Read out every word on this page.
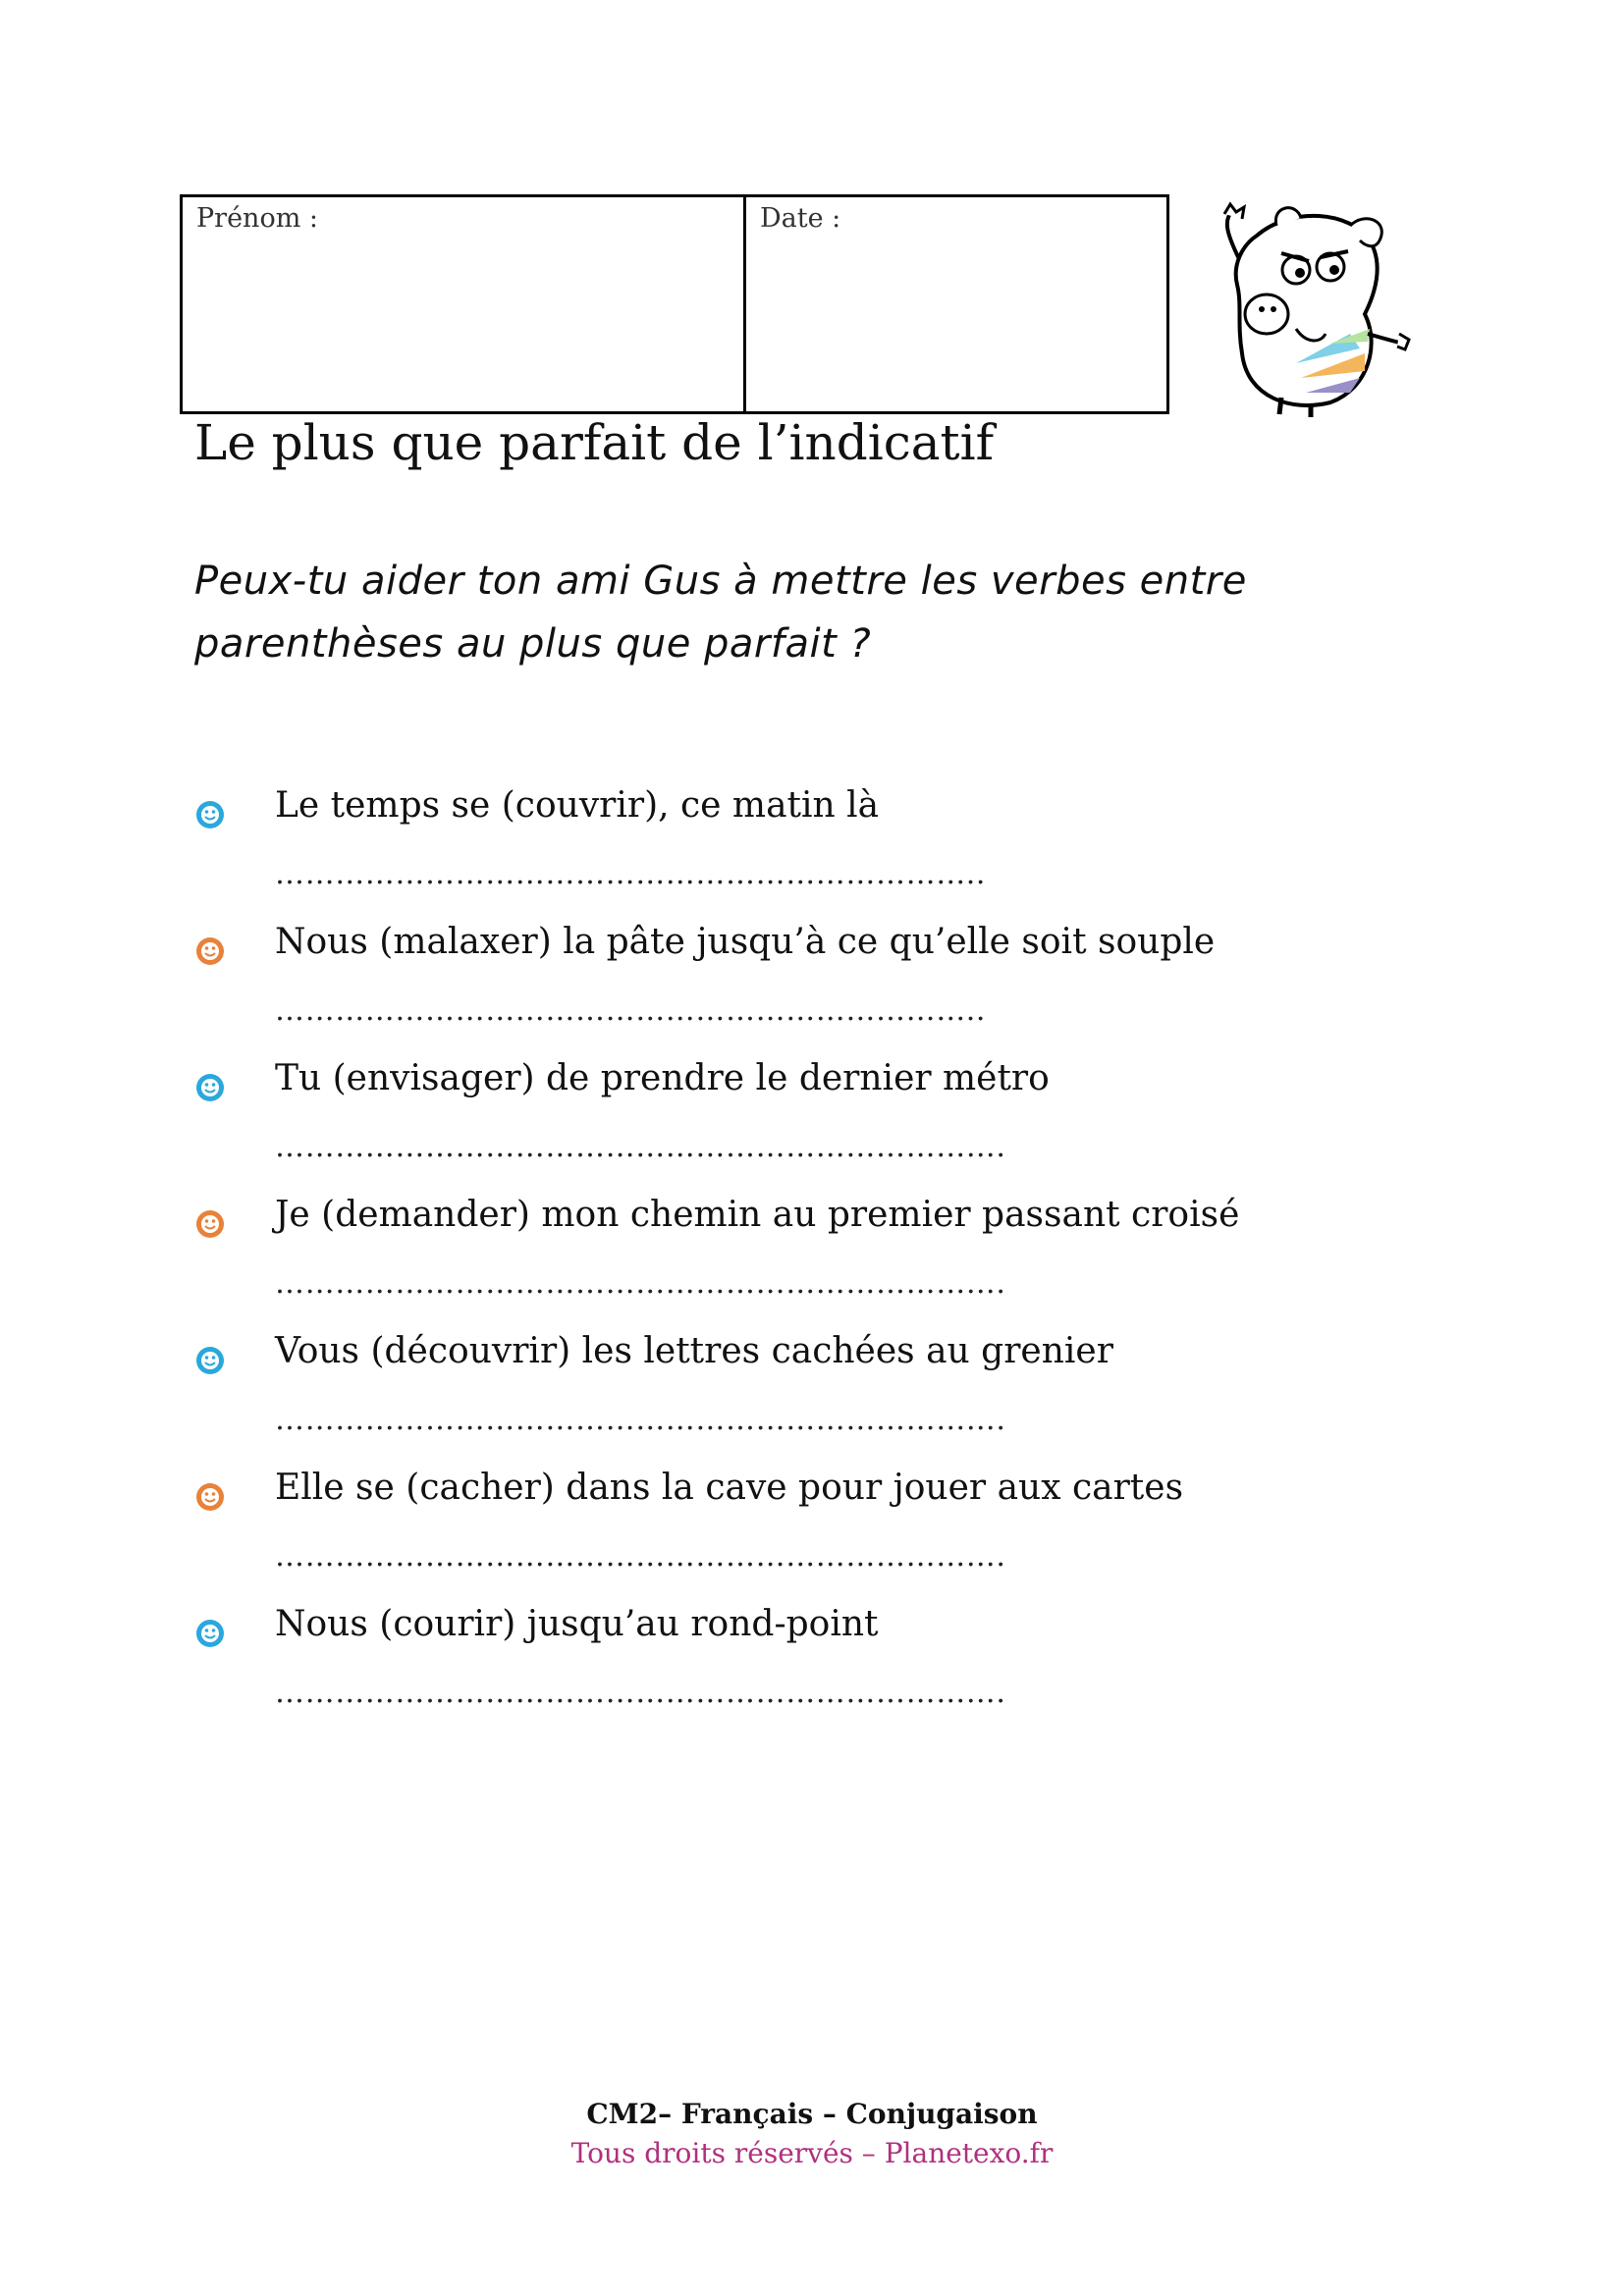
Prénom :	Date :
Le plus que parfait de l’indicatif
Peux-tu aider ton ami Gus à mettre les verbes entre
parenthèses au plus que parfait ?
Le temps se (couvrir), ce matin là
……………………………………………………………..
Nous (malaxer) la pâte jusqu’à ce qu’elle soit souple
……………………………………………………………..
Tu (envisager) de prendre le dernier métro
……………………………………………………………….
Je (demander) mon chemin au premier passant croisé
……………………………………………………………….
Vous (découvrir) les lettres cachées au grenier
……………………………………………………………….
Elle se (cacher) dans la cave pour jouer aux cartes
……………………………………………………………….
Nous (courir) jusqu’au rond-point
……………………………………………………………….
CM2– Français – Conjugaison
Tous droits réservés – Planetexo.fr
